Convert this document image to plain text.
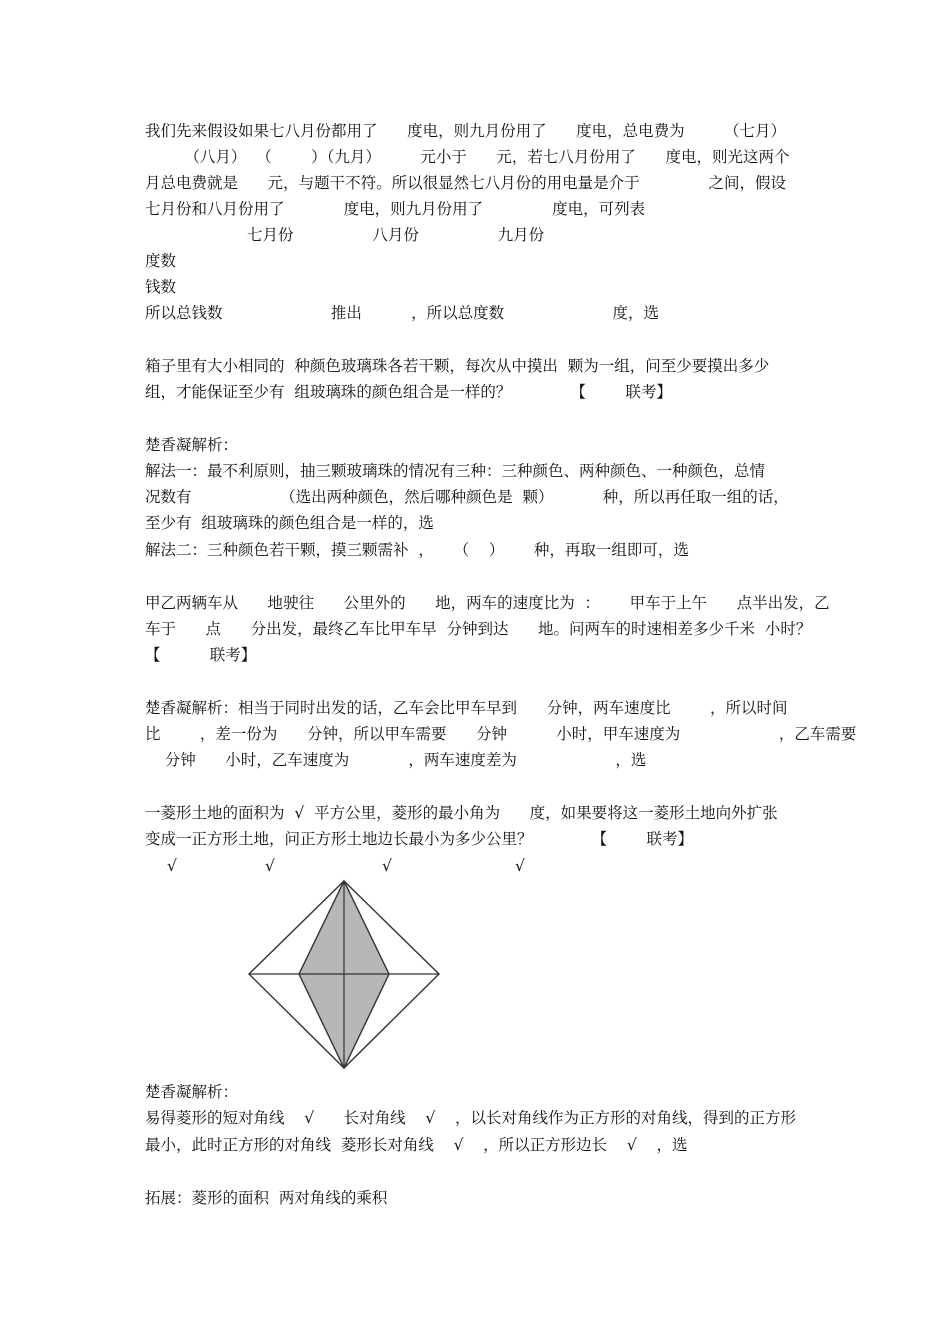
我们先来假设如果七八月份都用了      度电，则九月份用了      度电，总电费为        （七月）
（八月）  （        ）（九月）        元小于      元，若七八月份用了      度电，则光这两个
月总电费就是      元，与题干不符。所以很显然七八月份的用电量是介于              之间，假设
七月份和八月份用了            度电，则九月份用了              度电，可列表
七月份                八月份                九月份
度数
钱数
所以总钱数                      推出          ，所以总度数                      度，选
箱子里有大小相同的  种颜色玻璃珠各若干颗，每次从中摸出  颗为一组，问至少要摸出多少
组，才能保证至少有  组玻璃珠的颜色组合是一样的？            【        联考】
楚香凝解析：
解法一：最不利原则，抽三颗玻璃珠的情况有三种：三种颜色、两种颜色、一种颜色，总情
况数有                  （选出两种颜色，然后哪种颜色是  颗）          种，所以再任取一组的话，
至少有  组玻璃珠的颜色组合是一样的，选
解法二：三种颜色若干颗，摸三颗需补  ，    （    ）      种，再取一组即可，选
甲乙两辆车从      地驶往      公里外的      地，两车的速度比为  ：      甲车于上午      点半出发，乙
车于      点      分出发，最终乙车比甲车早  分钟到达      地。问两车的时速相差多少千米  小时？
【          联考】
楚香凝解析：相当于同时出发的话，乙车会比甲车早到      分钟，两车速度比        ，所以时间
比        ，差一份为      分钟，所以甲车需要      分钟          小时，甲车速度为                    ，乙车需要
分钟      小时，乙车速度为            ，两车速度差为                    ，选
一菱形土地的面积为  √  平方公里，菱形的最小角为      度，如果要将这一菱形土地向外扩张
变成一正方形土地，问正方形土地边长最小为多少公里？            【        联考】
√	√	√	√
楚香凝解析：
易得菱形的短对角线    √      长对角线    √    ，以长对角线作为正方形的对角线，得到的正方形
最小，此时正方形的对角线  菱形长对角线    √    ，所以正方形边长    √    ，选
拓展：菱形的面积  两对角线的乘积
